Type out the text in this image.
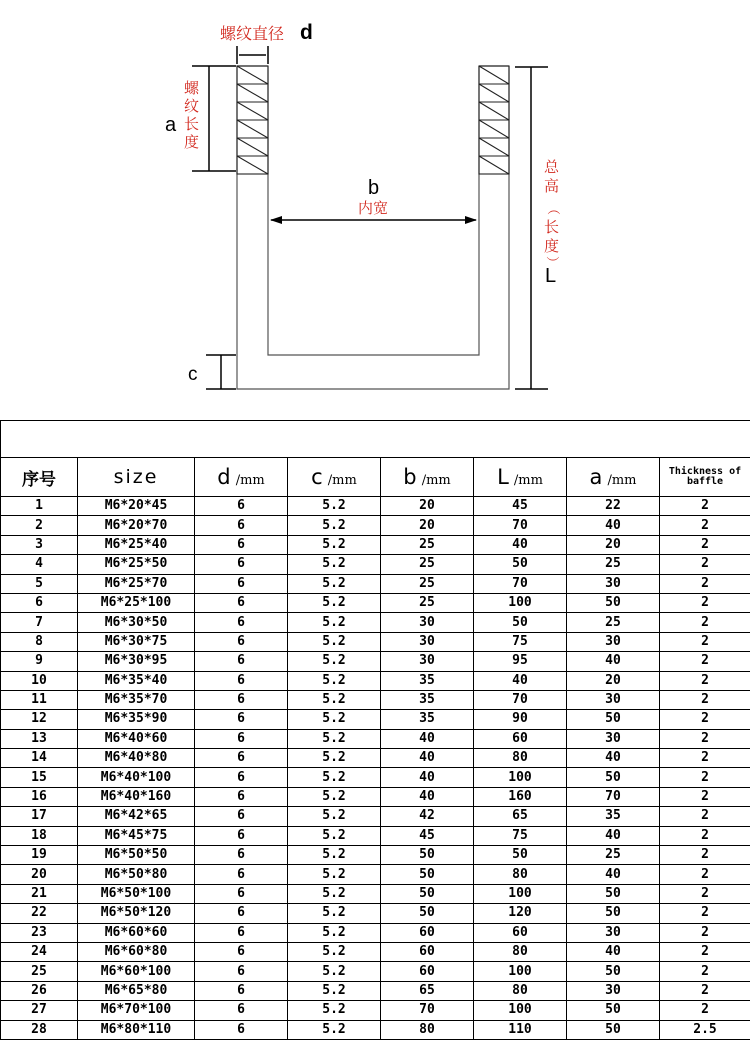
螺纹直径 d
a
螺
纹
长
度
b
内宽
总
高
（
长
度
）
L
c

序号	size	d /mm	c /mm	b /mm	L /mm	a /mm	Thickness of
baffle

1	M6*20*45	6	5.2	20	45	22	2
2	M6*20*70	6	5.2	20	70	40	2
3	M6*25*40	6	5.2	25	40	20	2
4	M6*25*50	6	5.2	25	50	25	2
5	M6*25*70	6	5.2	25	70	30	2
6	M6*25*100	6	5.2	25	100	50	2
7	M6*30*50	6	5.2	30	50	25	2
8	M6*30*75	6	5.2	30	75	30	2
9	M6*30*95	6	5.2	30	95	40	2
10	M6*35*40	6	5.2	35	40	20	2
11	M6*35*70	6	5.2	35	70	30	2
12	M6*35*90	6	5.2	35	90	50	2
13	M6*40*60	6	5.2	40	60	30	2
14	M6*40*80	6	5.2	40	80	40	2
15	M6*40*100	6	5.2	40	100	50	2
16	M6*40*160	6	5.2	40	160	70	2
17	M6*42*65	6	5.2	42	65	35	2
18	M6*45*75	6	5.2	45	75	40	2
19	M6*50*50	6	5.2	50	50	25	2
20	M6*50*80	6	5.2	50	80	40	2
21	M6*50*100	6	5.2	50	100	50	2
22	M6*50*120	6	5.2	50	120	50	2
23	M6*60*60	6	5.2	60	60	30	2
24	M6*60*80	6	5.2	60	80	40	2
25	M6*60*100	6	5.2	60	100	50	2
26	M6*65*80	6	5.2	65	80	30	2
27	M6*70*100	6	5.2	70	100	50	2
28	M6*80*110	6	5.2	80	110	50	2.5
